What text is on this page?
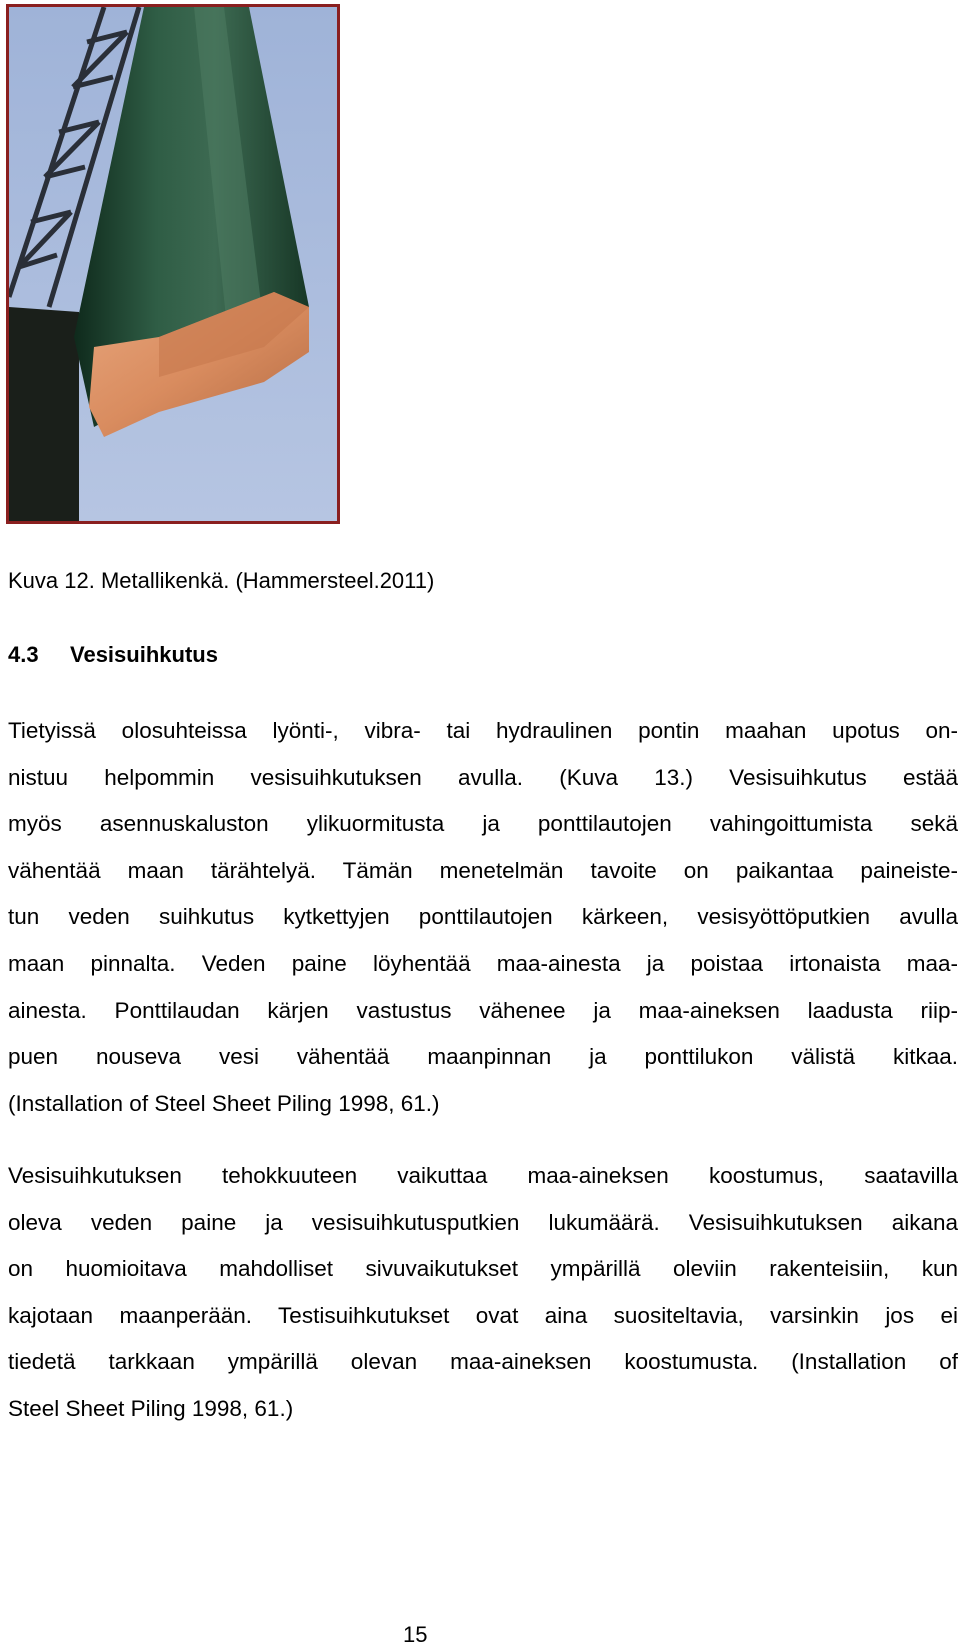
Kuva 12. Metallikenkä. (Hammersteel.2011)
4.3 Vesisuihkutus
Tietyissä olosuhteissa lyönti-, vibra- tai hydraulinen pontin maahan upotus on-
nistuu helpommin vesisuihkutuksen avulla. (Kuva 13.) Vesisuihkutus estää
myös asennuskaluston ylikuormitusta ja ponttilautojen vahingoittumista sekä
vähentää maan tärähtelyä. Tämän menetelmän tavoite on paikantaa paineiste-
tun veden suihkutus kytkettyjen ponttilautojen kärkeen, vesisyöttöputkien avulla
maan pinnalta. Veden paine löyhentää maa-ainesta ja poistaa irtonaista maa-
ainesta. Ponttilaudan kärjen vastustus vähenee ja maa-aineksen laadusta riip-
puen nouseva vesi vähentää maanpinnan ja ponttilukon välistä kitkaa.
(Installation of Steel Sheet Piling 1998, 61.)
Vesisuihkutuksen tehokkuuteen vaikuttaa maa-aineksen koostumus, saatavilla
oleva veden paine ja vesisuihkutusputkien lukumäärä. Vesisuihkutuksen aikana
on huomioitava mahdolliset sivuvaikutukset ympärillä oleviin rakenteisiin, kun
kajotaan maanperään. Testisuihkutukset ovat aina suositeltavia, varsinkin jos ei
tiedetä tarkkaan ympärillä olevan maa-aineksen koostumusta. (Installation of
Steel Sheet Piling 1998, 61.)
15
